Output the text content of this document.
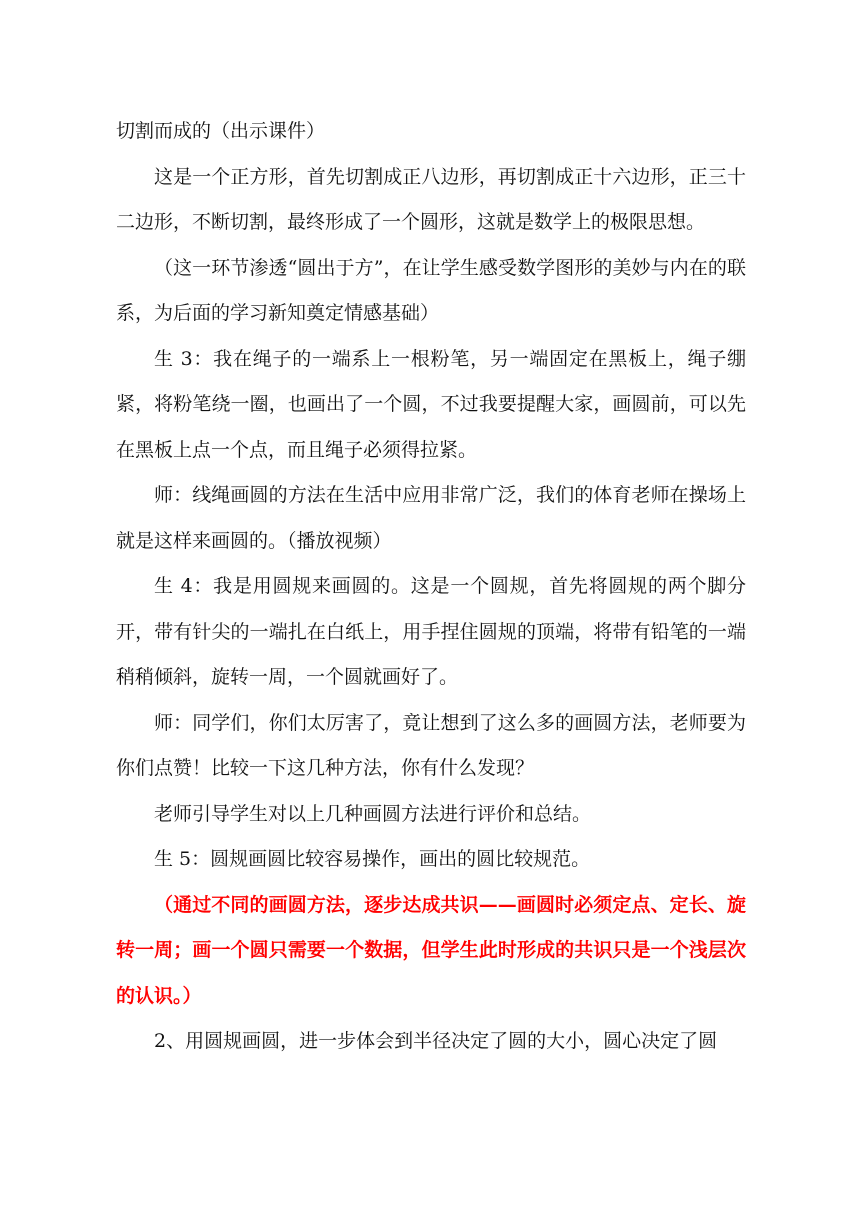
切割而成的（出示课件）

这是一个正方形，首先切割成正八边形，再切割成正十六边形，正三十二边形，不断切割，最终形成了一个圆形，这就是数学上的极限思想。

（这一环节渗透“圆出于方”，在让学生感受数学图形的美妙与内在的联系，为后面的学习新知奠定情感基础）

生 3：我在绳子的一端系上一根粉笔，另一端固定在黑板上，绳子绷紧，将粉笔绕一圈，也画出了一个圆，不过我要提醒大家，画圆前，可以先在黑板上点一个点，而且绳子必须得拉紧。

师：线绳画圆的方法在生活中应用非常广泛，我们的体育老师在操场上就是这样来画圆的。（播放视频）

生 4：我是用圆规来画圆的。这是一个圆规，首先将圆规的两个脚分开，带有针尖的一端扎在白纸上，用手捏住圆规的顶端，将带有铅笔的一端稍稍倾斜，旋转一周，一个圆就画好了。

师：同学们，你们太厉害了，竟让想到了这么多的画圆方法，老师要为你们点赞！比较一下这几种方法，你有什么发现？

老师引导学生对以上几种画圆方法进行评价和总结。

生 5：圆规画圆比较容易操作，画出的圆比较规范。

（通过不同的画圆方法，逐步达成共识——画圆时必须定点、定长、旋转一周；画一个圆只需要一个数据，但学生此时形成的共识只是一个浅层次的认识。）

2、用圆规画圆，进一步体会到半径决定了圆的大小，圆心决定了圆
